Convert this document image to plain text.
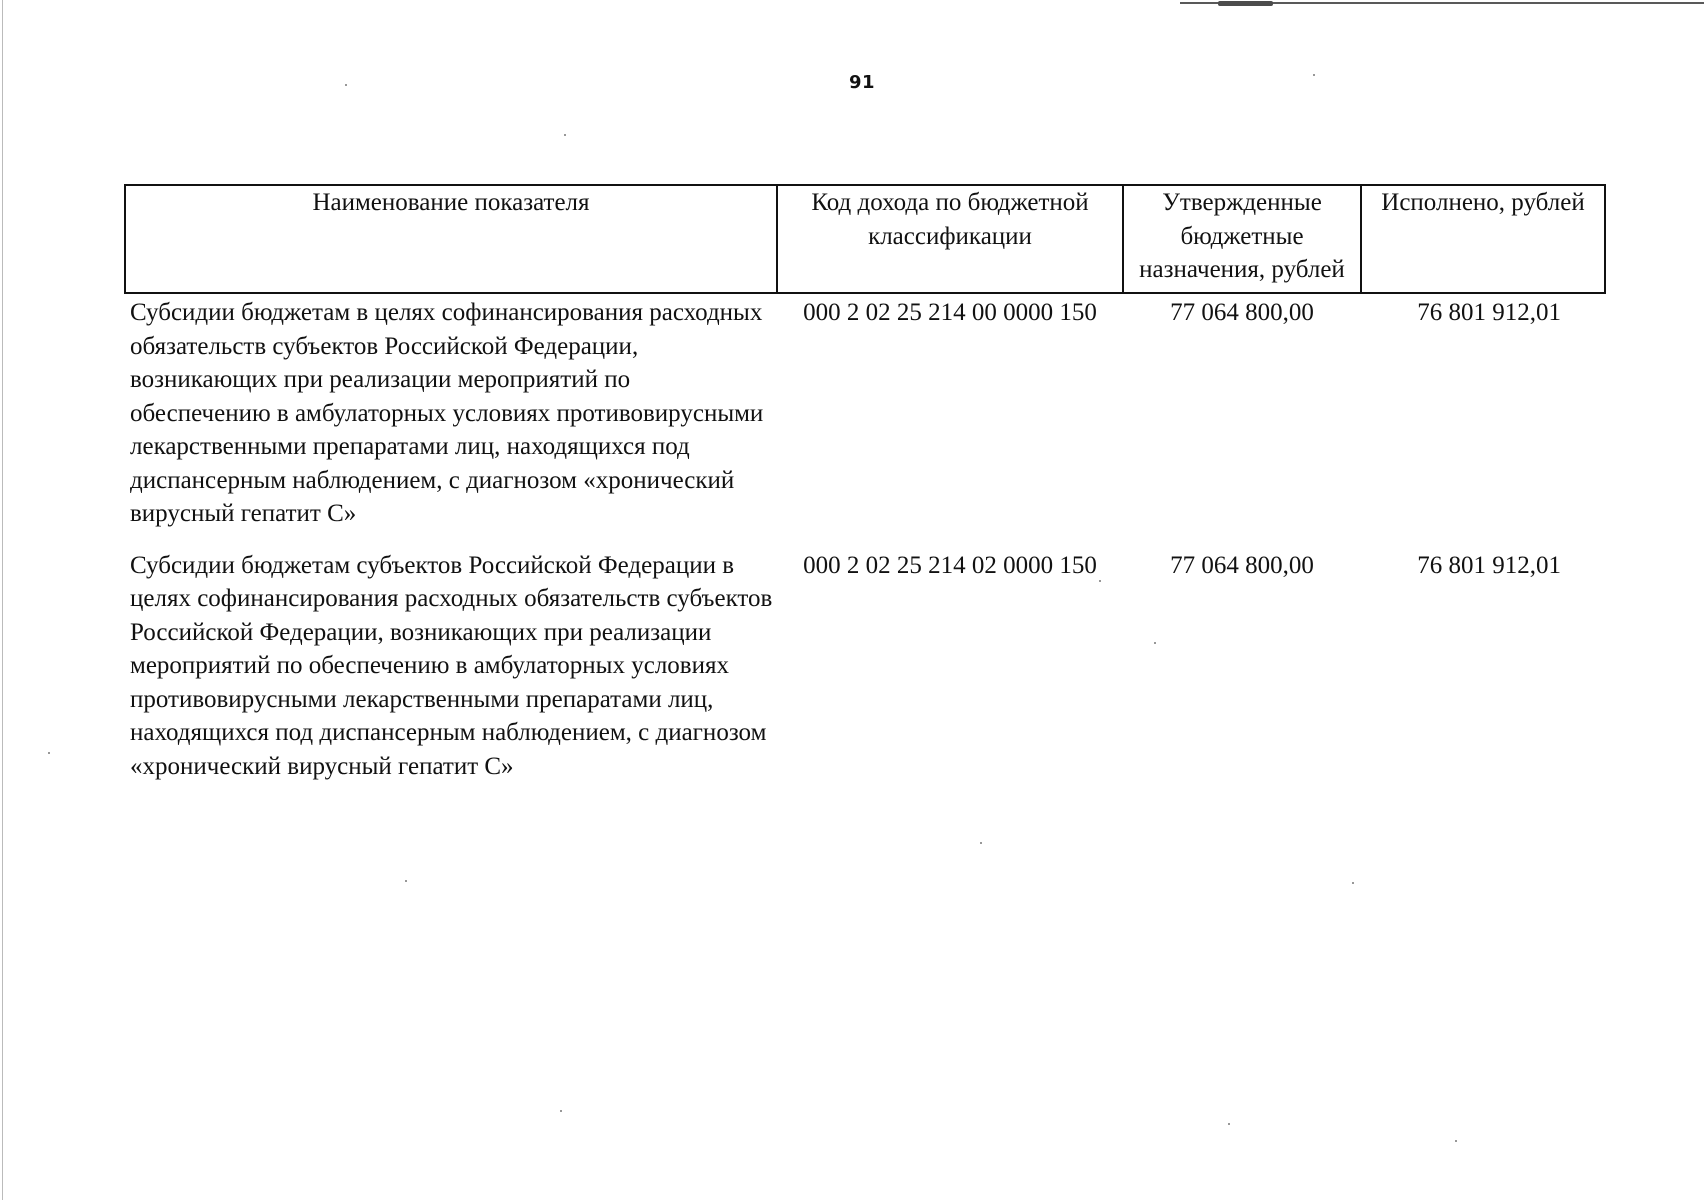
91
Наименование показателя	Код дохода по бюджетной классификации	Утвержденные бюджетные назначения, рублей	Исполнено, рублей
Субсидии бюджетам в целях софинансирования расходных обязательств субъектов Российской Федерации, возникающих при реализации мероприятий по обеспечению в амбулаторных условиях противовирусными лекарственными препаратами лиц, находящихся под диспансерным наблюдением, с диагнозом «хронический вирусный гепатит С»	000 2 02 25 214 00 0000 150	77 064 800,00	76 801 912,01
Субсидии бюджетам субъектов Российской Федерации в целях софинансирования расходных обязательств субъектов Российской Федерации, возникающих при реализации мероприятий по обеспечению в амбулаторных условиях противовирусными лекарственными препаратами лиц, находящихся под диспансерным наблюдением, с диагнозом «хронический вирусный гепатит С»	000 2 02 25 214 02 0000 150	77 064 800,00	76 801 912,01
